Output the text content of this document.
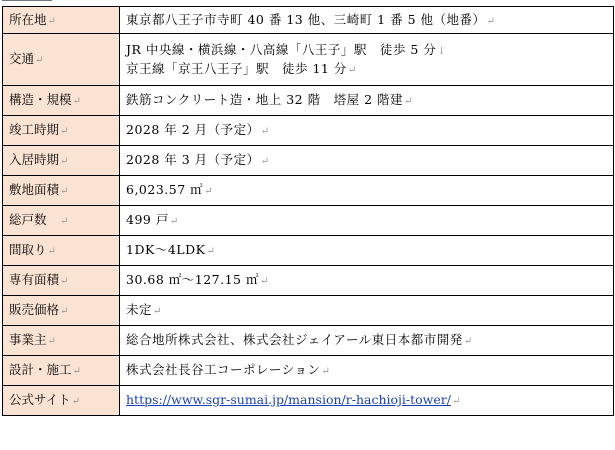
所在地↵	東京都八王子市寺町 40 番 13 他、三崎町 1 番 5 他（地番）↵
交通↵	JR 中央線・横浜線・八高線「八王子」駅　徒歩 5 分↓
京王線「京王八王子」駅　徒歩 11 分↵

構造・規模↵	鉄筋コンクリート造・地上 32 階　塔屋 2 階建↵
竣工時期↵	2028 年 2 月（予定）↵
入居時期↵	2028 年 3 月（予定）↵
敷地面積↵	6,023.57 ㎡↵
総戸数　↵	499 戸↵
間取り↵	1DK～4LDK↵
専有面積↵	30.68 ㎡～127.15 ㎡↵
販売価格↵	未定↵
事業主↵	総合地所株式会社、株式会社ジェイアール東日本都市開発↵
設計・施工↵	株式会社長谷工コーポレーション↵
公式サイト↵	https://www.sgr-sumai.jp/mansion/r-hachioji-tower/↵
